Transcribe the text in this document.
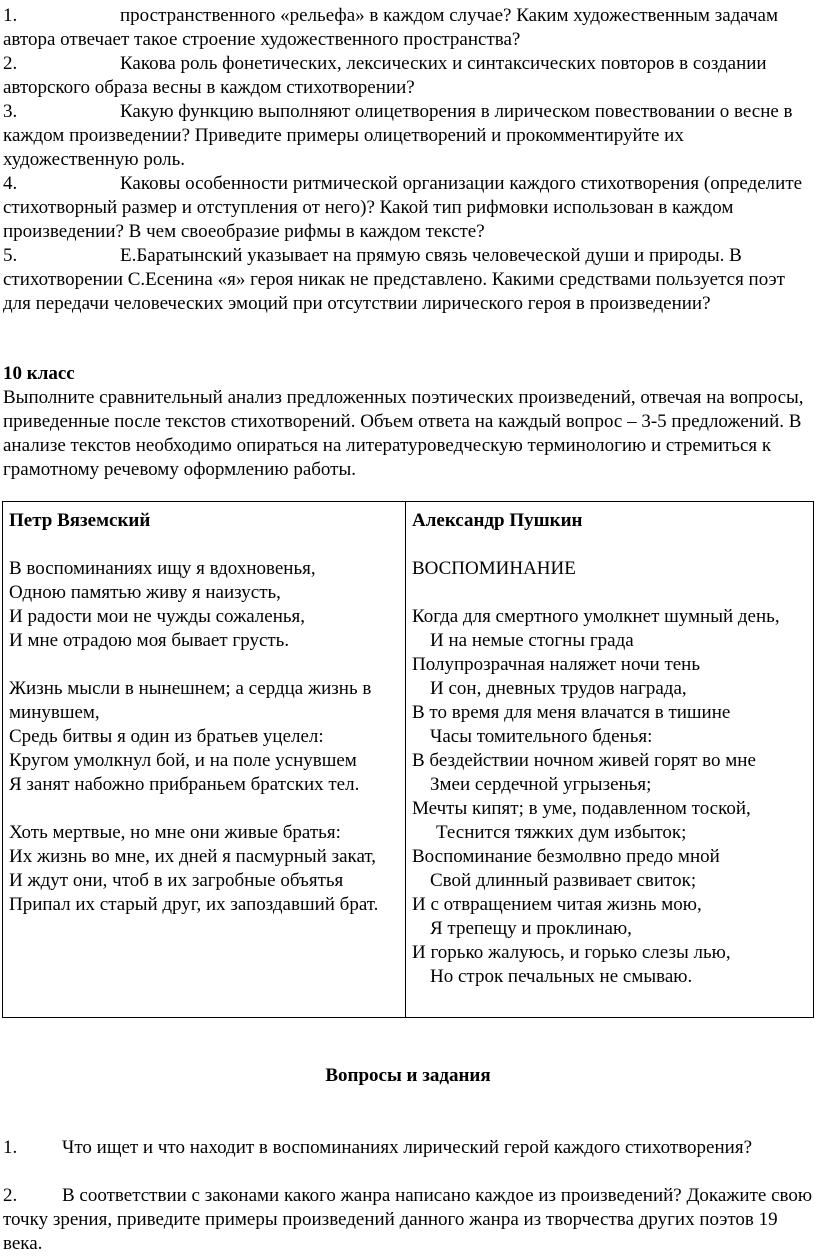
1.	пространственного «рельефа» в каждом случае? Каким художественным задачам автора отвечает такое строение художественного пространства?
2.	Какова роль фонетических, лексических и синтаксических повторов в создании авторского образа весны в каждом стихотворении?
3.	Какую функцию выполняют олицетворения в лирическом повествовании о весне в каждом произведении? Приведите примеры олицетворений и прокомментируйте их художественную роль.
4.	Каковы особенности ритмической организации каждого стихотворения (определите стихотворный размер и отступления от него)? Какой тип рифмовки использован в каждом произведении? В чем своеобразие рифмы в каждом тексте?
5.	Е.Баратынский указывает на прямую связь человеческой души и природы. В стихотворении С.Есенина «я» героя никак не представлено. Какими средствами пользуется поэт для передачи человеческих эмоций при отсутствии лирического героя в произведении?
10 класс
Выполните сравнительный анализ предложенных поэтических произведений, отвечая на вопросы, приведенные после текстов стихотворений. Объем ответа на каждый вопрос – 3-5 предложений. В анализе текстов необходимо опираться на литературоведческую терминологию и стремиться к грамотному речевому оформлению работы.
Петр Вяземский
В воспоминаниях ищу я вдохновенья,
Одною памятью живу я наизусть,
И радости мои не чужды сожаленья,
И мне отрадою моя бывает грусть.
Жизнь мысли в нынешнем; а сердца жизнь в минувшем,
Средь битвы я один из братьев уцелел:
Кругом умолкнул бой, и на поле уснувшем
Я занят набожно прибраньем братских тел.
Хоть мертвые, но мне они живые братья:
Их жизнь во мне, их дней я пасмурный закат,
И ждут они, чтоб в их загробные объятья
Припал их старый друг, их запоздавший брат.

Александр Пушкин
ВОСПОМИНАНИЕ
Когда для смертного умолкнет шумный день,
И на немые стогны града
Полупрозрачная наляжет ночи тень
И сон, дневных трудов награда,
В то время для меня влачатся в тишине
Часы томительного бденья:
В бездействии ночном живей горят во мне
Змеи сердечной угрызенья;
Мечты кипят; в уме, подавленном тоской,
Теснится тяжких дум избыток;
Воспоминание безмолвно предо мной
Свой длинный развивает свиток;
И с отвращением читая жизнь мою,
Я трепещу и проклинаю,
И горько жалуюсь, и горько слезы лью,
Но строк печальных не смываю.
Вопросы и задания
1.	Что ищет и что находит в воспоминаниях лирический герой каждого стихотворения?
2.	В соответствии с законами какого жанра написано каждое из произведений? Докажите свою точку зрения, приведите примеры произведений данного жанра из творчества других поэтов 19 века.
